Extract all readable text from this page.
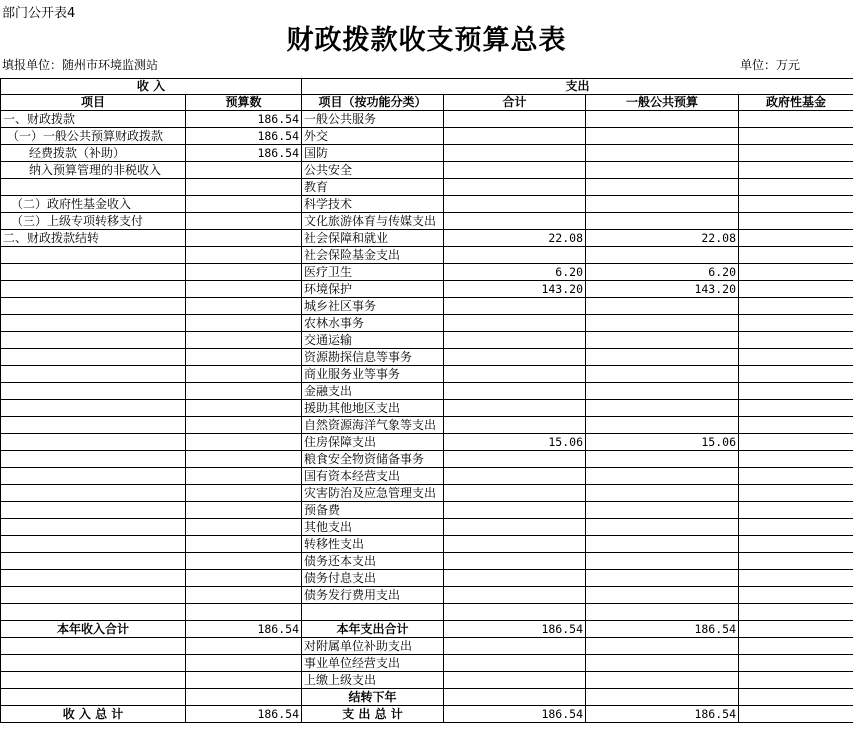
部门公开表4
财政拨款收支预算总表
填报单位：随州市环境监测站	单位：万元
收 入		支出			
项目	预算数	项目（按功能分类）	合计	一般公共预算	政府性基金
一、财政拨款	186.54	一般公共服务			
（一）一般公共预算财政拨款	186.54	外交			
经费拨款（补助）	186.54	国防			
纳入预算管理的非税收入		公共安全			
		教育			
（二）政府性基金收入		科学技术			
（三）上级专项转移支付		文化旅游体育与传媒支出			
二、财政拨款结转		社会保障和就业	22.08	22.08	
		社会保险基金支出			
		医疗卫生	6.20	6.20	
		环境保护	143.20	143.20	
		城乡社区事务			
		农林水事务			
		交通运输			
		资源勘探信息等事务			
		商业服务业等事务			
		金融支出			
		援助其他地区支出			
		自然资源海洋气象等支出			
		住房保障支出	15.06	15.06	
		粮食安全物资储备事务			
		国有资本经营支出			
		灾害防治及应急管理支出			
		预备费			
		其他支出			
		转移性支出			
		债务还本支出			
		债务付息支出			
		债务发行费用支出			

本年收入合计	186.54	本年支出合计	186.54	186.54	
		对附属单位补助支出			
		事业单位经营支出			
		上缴上级支出			
		结转下年			
收 入 总 计	186.54	支 出 总 计	186.54	186.54	
